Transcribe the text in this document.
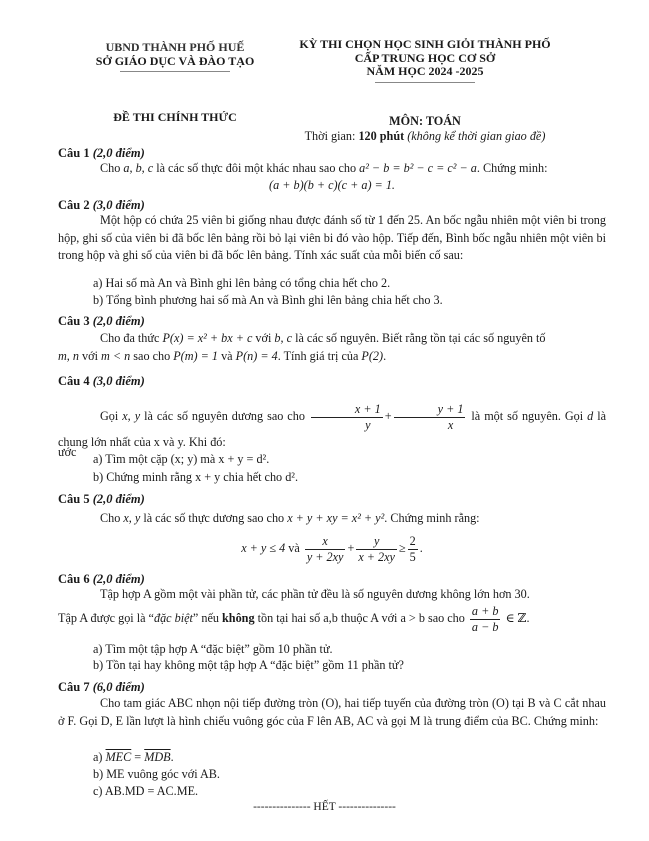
UBND THÀNH PHỐ HUẾ
SỞ GIÁO DỤC VÀ ĐÀO TẠO
ĐỀ THI CHÍNH THỨC
KỲ THI CHỌN HỌC SINH GIỎI THÀNH PHỐ
CẤP TRUNG HỌC CƠ SỞ
NĂM HỌC 2024 -2025
MÔN: TOÁN
Thời gian: 120 phút (không kể thời gian giao đề)
Câu 1 (2,0 điểm)
Cho a, b, c là các số thực đôi một khác nhau sao cho a² − b = b² − c = c² − a. Chứng minh:
(a + b)(b + c)(c + a) = 1.
Câu 2 (3,0 điểm)
Một hộp có chứa 25 viên bi giống nhau được đánh số từ 1 đến 25. An bốc ngẫu nhiên một viên bi trong hộp, ghi số của viên bi đã bốc lên bảng rồi bỏ lại viên bi đó vào hộp. Tiếp đến, Bình bốc ngẫu nhiên một viên bi trong hộp và ghi số của viên bi đã bốc lên bảng. Tính xác suất của mỗi biến cố sau:
a) Hai số mà An và Bình ghi lên bảng có tổng chia hết cho 2.
b) Tổng bình phương hai số mà An và Bình ghi lên bảng chia hết cho 3.
Câu 3 (2,0 điểm)
Cho đa thức P(x) = x² + bx + c với b, c là các số nguyên. Biết rằng tồn tại các số nguyên tố
m, n với m < n sao cho P(m) = 1 và P(n) = 4. Tính giá trị của P(2).
Câu 4 (3,0 điểm)
Gọi x, y là các số nguyên dương sao cho $\frac{x + 1}{y} + \frac{y + 1}{x}$ là một số nguyên. Gọi d là ước
chung lớn nhất của x và y. Khi đó:
a) Tìm một cặp (x; y) mà x + y = d².
b) Chứng minh rằng x + y chia hết cho d².
Câu 5 (2,0 điểm)
Cho x, y là các số thực dương sao cho x + y + xy = x² + y². Chứng minh rằng:
x + y ≤ 4 và $\frac{x}{y + 2xy} + \frac{y}{x + 2xy} \ge \frac{2}{5}$ .
Câu 6 (2,0 điểm)
Tập hợp A gồm một vài phần tử, các phần tử đều là số nguyên dương không lớn hơn 30.
Tập A được gọi là “đặc biệt” nếu không tồn tại hai số a,b thuộc A với a > b sao cho $\frac{a + b}{a - b}$ ∈ ℤ.
a) Tìm một tập hợp A “đặc biệt” gồm 10 phần tử.
b) Tồn tại hay không một tập hợp A “đặc biệt” gồm 11 phần tử?
Câu 7 (6,0 điểm)
Cho tam giác ABC nhọn nội tiếp đường tròn (O), hai tiếp tuyến của đường tròn (O) tại B và C cắt nhau ở F. Gọi D, E lần lượt là hình chiếu vuông góc của F lên AB, AC và gọi M là trung điểm của BC. Chứng minh:
a) $\overline{MEC} = \overline{MDB}$.
b) ME vuông góc với AB.
c) AB.MD = AC.ME.
--------------- HẾT ---------------
